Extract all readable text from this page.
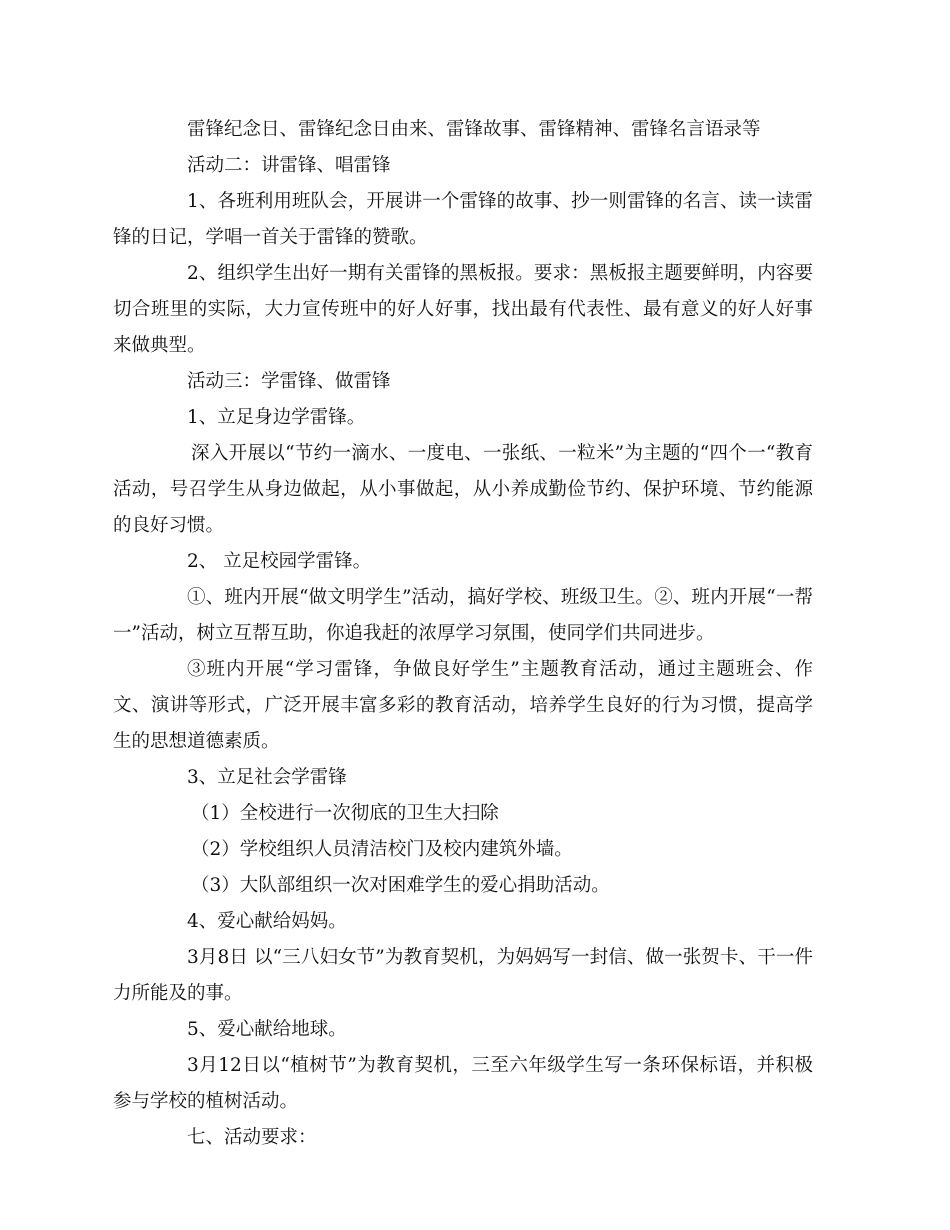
雷锋纪念日、雷锋纪念日由来、雷锋故事、雷锋精神、雷锋名言语录等

活动二：讲雷锋、唱雷锋

1、各班利用班队会，开展讲一个雷锋的故事、抄一则雷锋的名言、读一读雷锋的日记，学唱一首关于雷锋的赞歌。

2、组织学生出好一期有关雷锋的黑板报。要求：黑板报主题要鲜明，内容要切合班里的实际，大力宣传班中的好人好事，找出最有代表性、最有意义的好人好事来做典型。

活动三：学雷锋、做雷锋

1、立足身边学雷锋。

深入开展以“节约一滴水、一度电、一张纸、一粒米”为主题的“四个一“教育活动，号召学生从身边做起，从小事做起，从小养成勤俭节约、保护环境、节约能源的良好习惯。

2、 立足校园学雷锋。

①、班内开展“做文明学生”活动，搞好学校、班级卫生。②、班内开展“一帮一”活动，树立互帮互助，你追我赶的浓厚学习氛围，使同学们共同进步。

③班内开展“学习雷锋，争做良好学生”主题教育活动，通过主题班会、作文、演讲等形式，广泛开展丰富多彩的教育活动，培养学生良好的行为习惯，提高学生的思想道德素质。

3、立足社会学雷锋

（1）全校进行一次彻底的卫生大扫除

（2）学校组织人员清洁校门及校内建筑外墙。

（3）大队部组织一次对困难学生的爱心捐助活动。

4、爱心献给妈妈。

3月8日 以“三八妇女节”为教育契机，为妈妈写一封信、做一张贺卡、干一件力所能及的事。

5、爱心献给地球。

3月12日以“植树节”为教育契机，三至六年级学生写一条环保标语，并积极参与学校的植树活动。

七、活动要求：
